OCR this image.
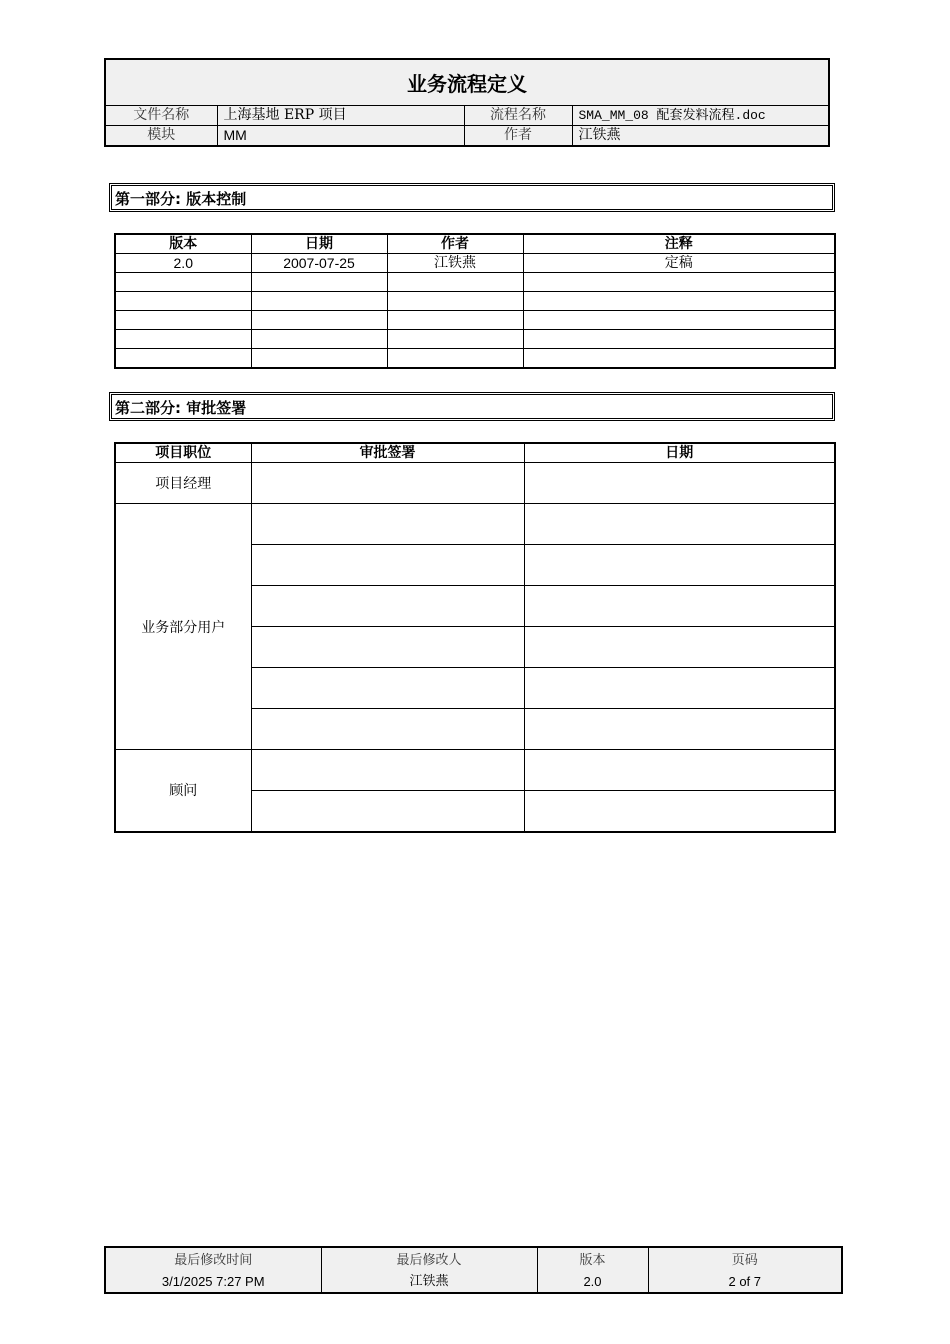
业务流程定义
文件名称	上海基地 ERP 项目	流程名称	SMA_MM_08 配套发料流程.doc
模块	MM	作者	江铁燕
第一部分: 版本控制
版本	日期	作者	注释
2.0	2007-07-25	江铁燕	定稿

第二部分: 审批签署
项目职位	审批签署	日期
项目经理		
业务部分用户		

顾问		

最后修改时间	最后修改人	版本	页码
3/1/2025 7:27 PM	江铁燕	2.0	2 of 7
